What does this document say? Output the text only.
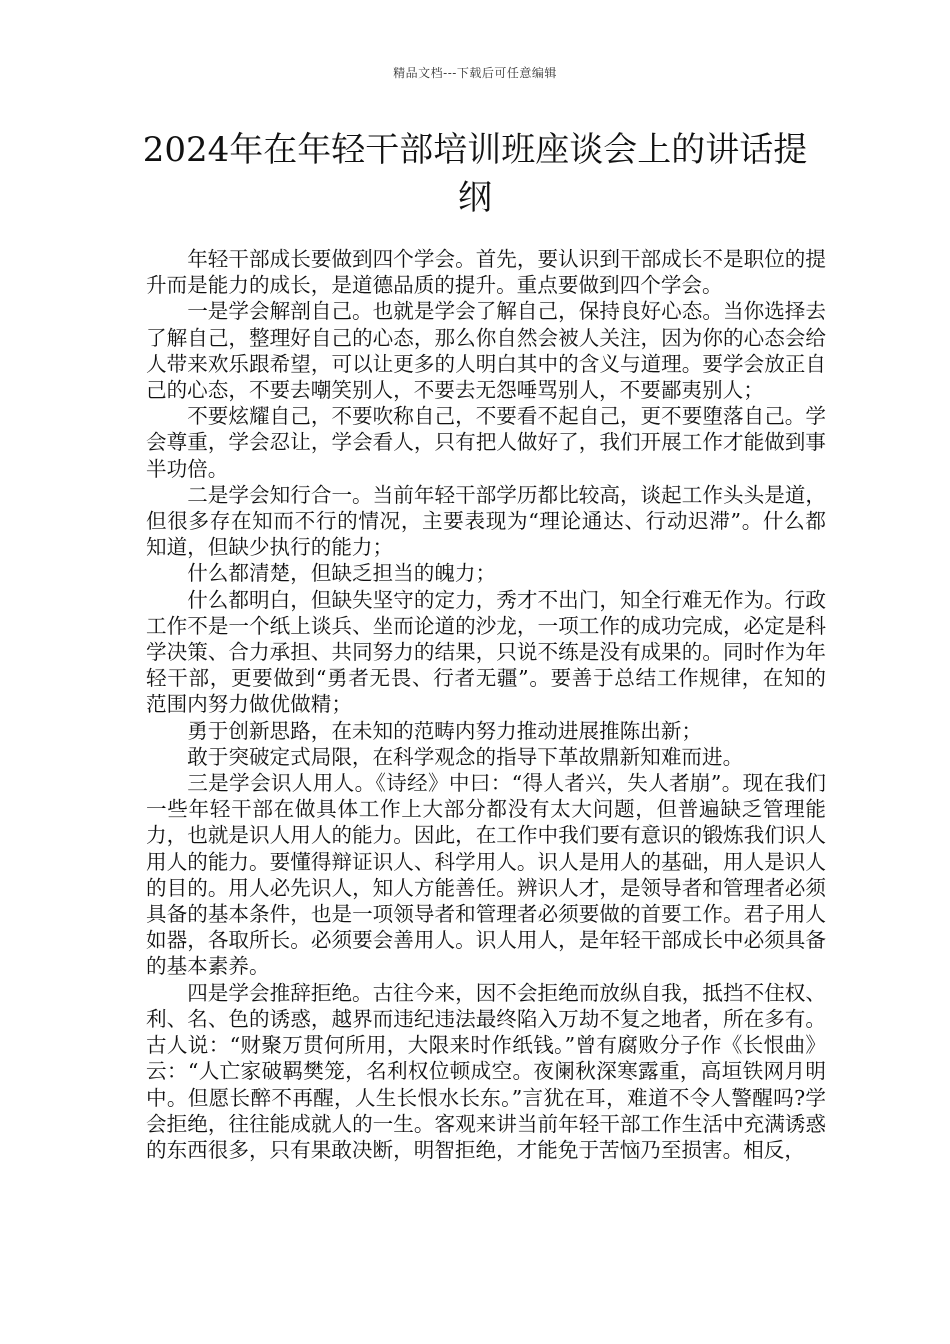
精品文档---下载后可任意编辑
2024年在年轻干部培训班座谈会上的讲话提纲

年轻干部成长要做到四个学会。首先，要认识到干部成长不是职位的提升而是能力的成长，是道德品质的提升。重点要做到四个学会。

一是学会解剖自己。也就是学会了解自己，保持良好心态。当你选择去了解自己，整理好自己的心态，那么你自然会被人关注，因为你的心态会给人带来欢乐跟希望，可以让更多的人明白其中的含义与道理。要学会放正自己的心态，不要去嘲笑别人，不要去无怨唾骂别人，不要鄙夷别人；

不要炫耀自己，不要吹称自己，不要看不起自己，更不要堕落自己。学会尊重，学会忍让，学会看人，只有把人做好了，我们开展工作才能做到事半功倍。

二是学会知行合一。当前年轻干部学历都比较高，谈起工作头头是道，但很多存在知而不行的情况，主要表现为“理论通达、行动迟滞”。什么都知道，但缺少执行的能力；

什么都清楚，但缺乏担当的魄力；

什么都明白，但缺失坚守的定力，秀才不出门，知全行难无作为。行政工作不是一个纸上谈兵、坐而论道的沙龙，一项工作的成功完成，必定是科学决策、合力承担、共同努力的结果，只说不练是没有成果的。同时作为年轻干部，更要做到“勇者无畏、行者无疆”。要善于总结工作规律，在知的范围内努力做优做精；

勇于创新思路，在未知的范畴内努力推动进展推陈出新；

敢于突破定式局限，在科学观念的指导下革故鼎新知难而进。

三是学会识人用人。《诗经》中曰：“得人者兴，失人者崩”。现在我们一些年轻干部在做具体工作上大部分都没有太大问题，但普遍缺乏管理能力，也就是识人用人的能力。因此，在工作中我们要有意识的锻炼我们识人用人的能力。要懂得辩证识人、科学用人。识人是用人的基础，用人是识人的目的。用人必先识人，知人方能善任。辨识人才，是领导者和管理者必须具备的基本条件，也是一项领导者和管理者必须要做的首要工作。君子用人如器，各取所长。必须要会善用人。识人用人，是年轻干部成长中必须具备的基本素养。

四是学会推辞拒绝。古往今来，因不会拒绝而放纵自我，抵挡不住权、利、名、色的诱惑，越界而违纪违法最终陷入万劫不复之地者，所在多有。古人说：“财聚万贯何所用，大限来时作纸钱。”曾有腐败分子作《长恨曲》云：“人亡家破羁樊笼，名利权位顿成空。夜阑秋深寒露重，高垣铁网月明中。但愿长醉不再醒，人生长恨水长东。”言犹在耳，难道不令人警醒吗?学会拒绝，往往能成就人的一生。客观来讲当前年轻干部工作生活中充满诱惑的东西很多，只有果敢决断，明智拒绝，才能免于苦恼乃至损害。相反，
